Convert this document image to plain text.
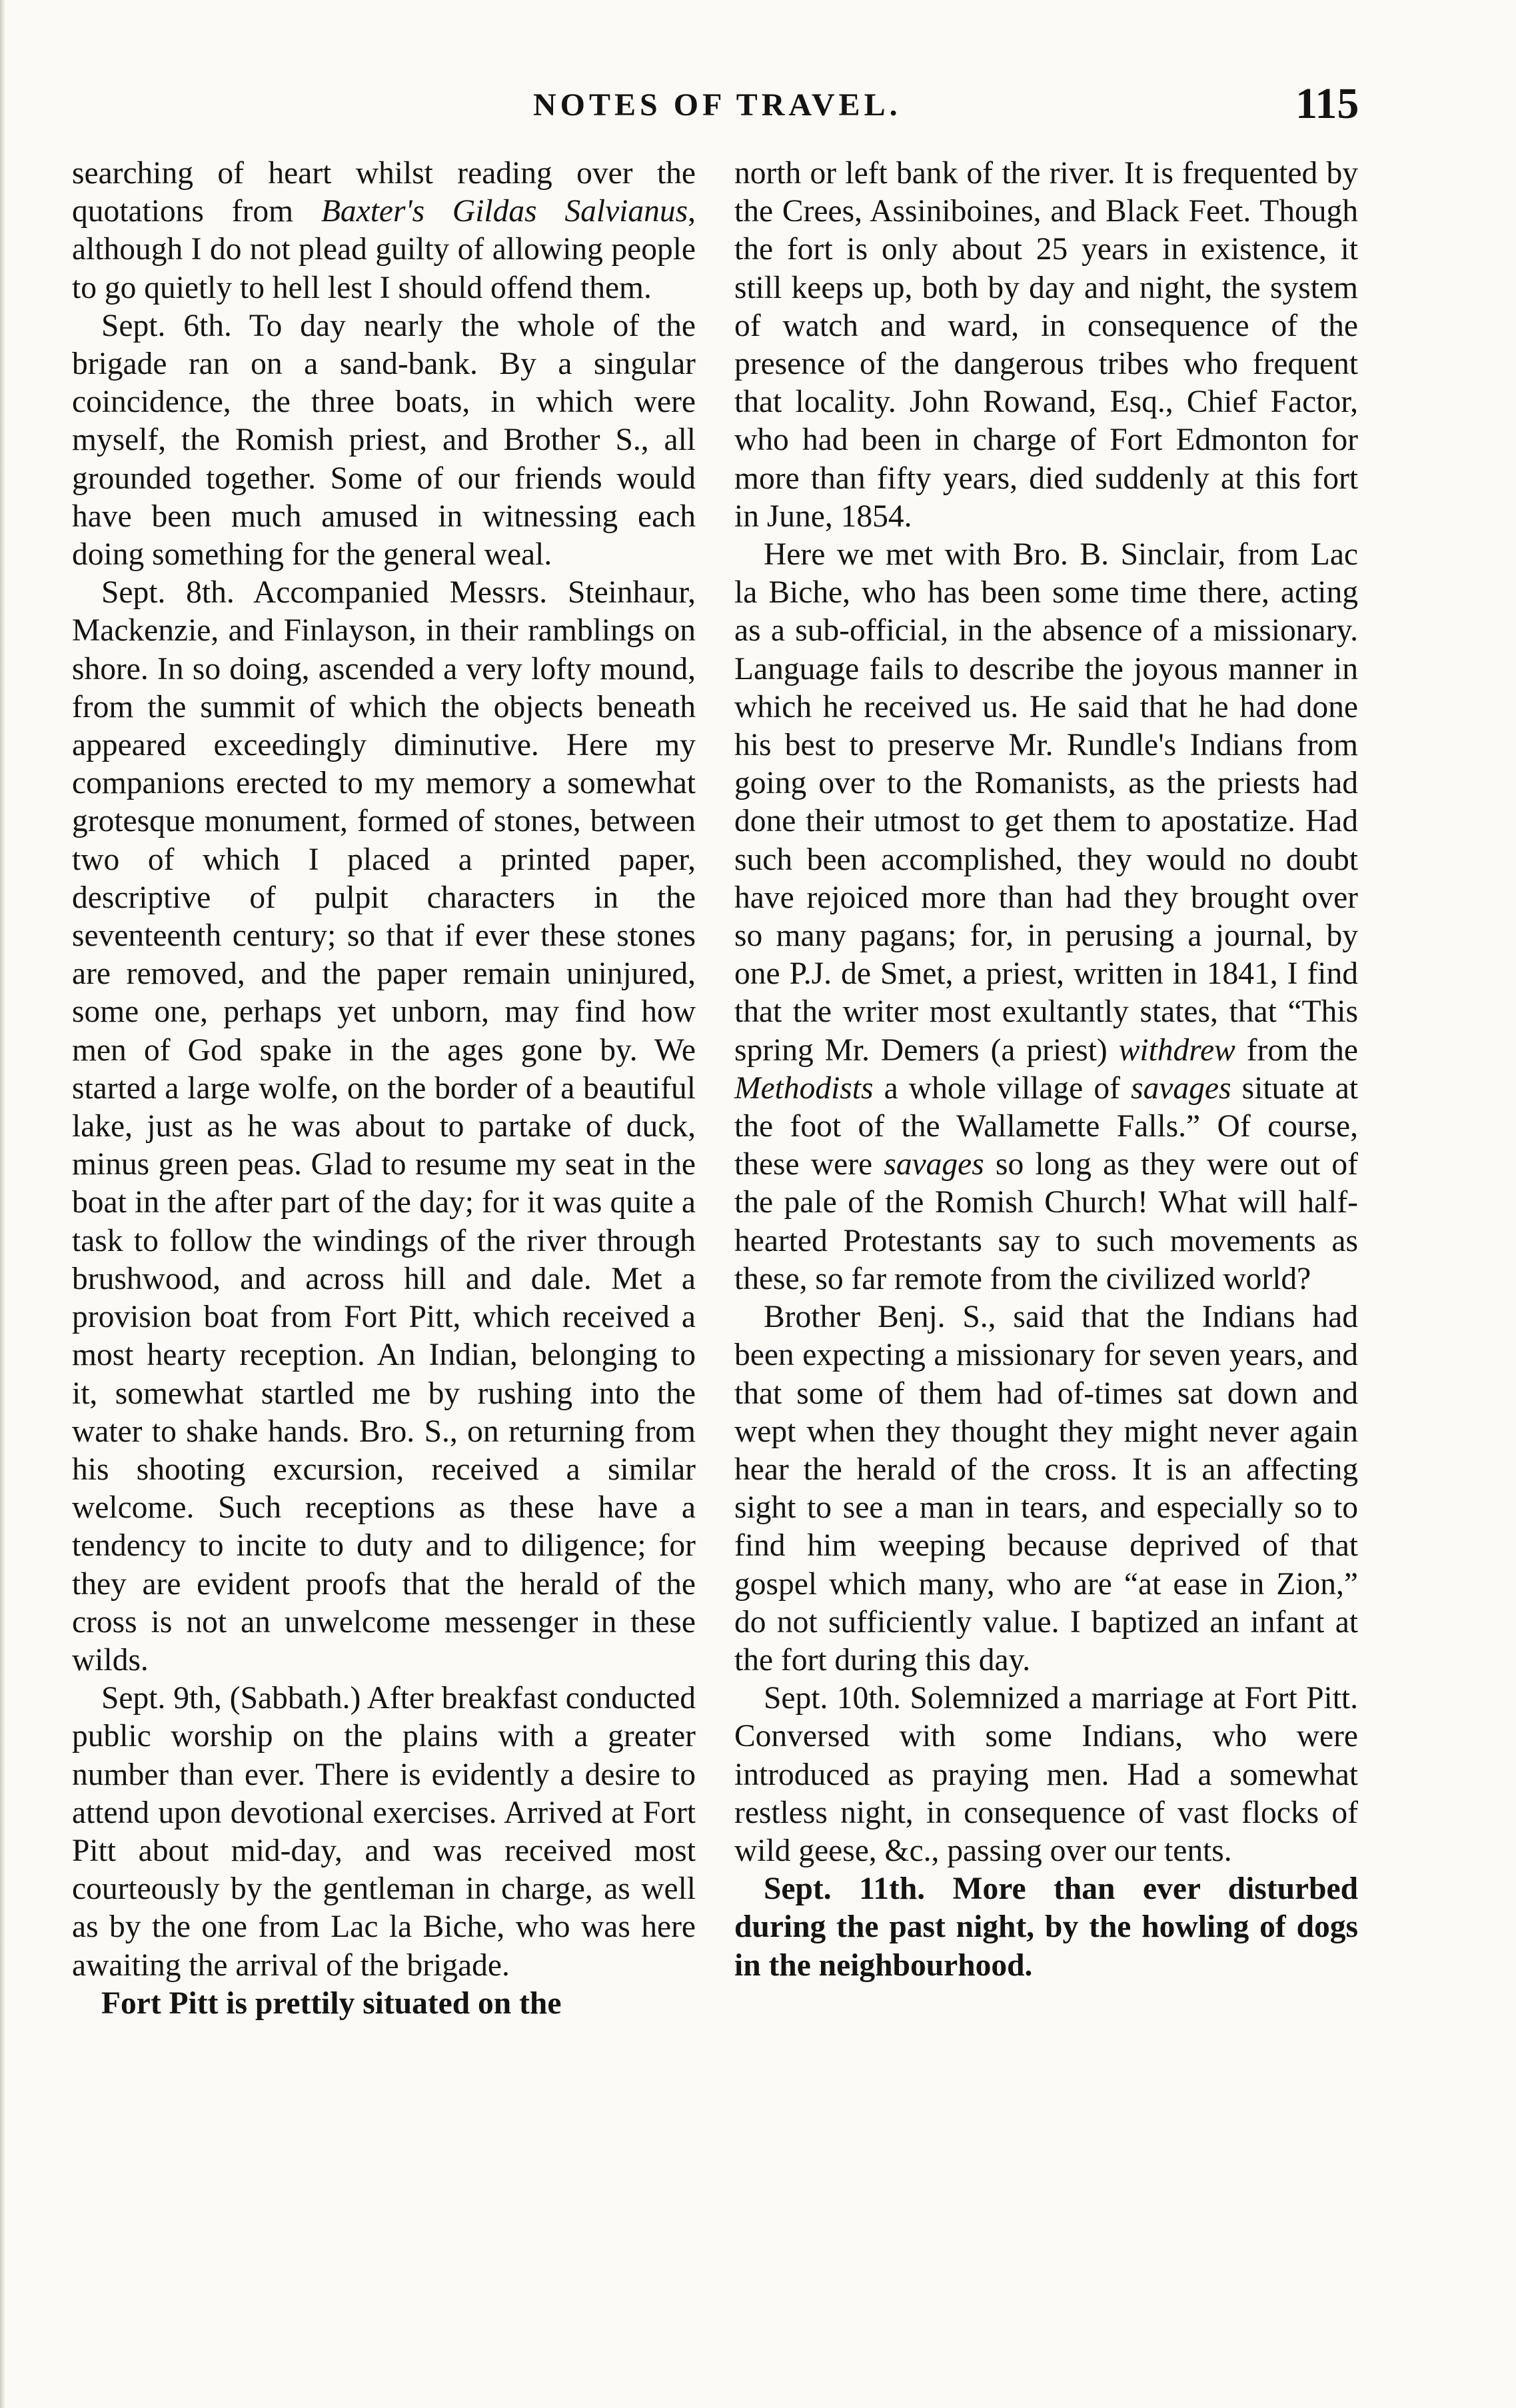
NOTES OF TRAVEL.	115

searching of heart whilst reading over the quotations from Baxter's Gildas Salvianus, although I do not plead guilty of allowing people to go quietly to hell lest I should offend them.

Sept. 6th. To day nearly the whole of the brigade ran on a sand-bank. By a singular coincidence, the three boats, in which were myself, the Romish priest, and Brother S., all grounded together. Some of our friends would have been much amused in witnessing each doing something for the general weal.

Sept. 8th. Accompanied Messrs. Steinhaur, Mackenzie, and Finlayson, in their ramblings on shore. In so doing, ascended a very lofty mound, from the summit of which the objects beneath appeared exceedingly diminutive. Here my companions erected to my memory a somewhat grotesque monument, formed of stones, between two of which I placed a printed paper, descriptive of pulpit characters in the seventeenth century; so that if ever these stones are removed, and the paper remain uninjured, some one, perhaps yet unborn, may find how men of God spake in the ages gone by. We started a large wolfe, on the border of a beautiful lake, just as he was about to partake of duck, minus green peas. Glad to resume my seat in the boat in the after part of the day; for it was quite a task to follow the windings of the river through brushwood, and across hill and dale. Met a provision boat from Fort Pitt, which received a most hearty reception. An Indian, belonging to it, somewhat startled me by rushing into the water to shake hands. Bro. S., on returning from his shooting excursion, received a similar welcome. Such receptions as these have a tendency to incite to duty and to diligence; for they are evident proofs that the herald of the cross is not an unwelcome messenger in these wilds.

Sept. 9th, (Sabbath.) After breakfast conducted public worship on the plains with a greater number than ever. There is evidently a desire to attend upon devotional exercises. Arrived at Fort Pitt about mid-day, and was received most courteously by the gentleman in charge, as well as by the one from Lac la Biche, who was here awaiting the arrival of the brigade.

Fort Pitt is prettily situated on the

north or left bank of the river. It is frequented by the Crees, Assiniboines, and Black Feet. Though the fort is only about 25 years in existence, it still keeps up, both by day and night, the system of watch and ward, in consequence of the presence of the dangerous tribes who frequent that locality. John Rowand, Esq., Chief Factor, who had been in charge of Fort Edmonton for more than fifty years, died suddenly at this fort in June, 1854.

Here we met with Bro. B. Sinclair, from Lac la Biche, who has been some time there, acting as a sub-official, in the absence of a missionary. Language fails to describe the joyous manner in which he received us. He said that he had done his best to preserve Mr. Rundle's Indians from going over to the Romanists, as the priests had done their utmost to get them to apostatize. Had such been accomplished, they would no doubt have rejoiced more than had they brought over so many pagans; for, in perusing a journal, by one P.J. de Smet, a priest, written in 1841, I find that the writer most exultantly states, that “This spring Mr. Demers (a priest) withdrew from the Methodists a whole village of savages situate at the foot of the Wallamette Falls.” Of course, these were savages so long as they were out of the pale of the Romish Church! What will half-hearted Protestants say to such movements as these, so far remote from the civilized world?

Brother Benj. S., said that the Indians had been expecting a missionary for seven years, and that some of them had of-times sat down and wept when they thought they might never again hear the herald of the cross. It is an affecting sight to see a man in tears, and especially so to find him weeping because deprived of that gospel which many, who are “at ease in Zion,” do not sufficiently value. I baptized an infant at the fort during this day.

Sept. 10th. Solemnized a marriage at Fort Pitt. Conversed with some Indians, who were introduced as praying men. Had a somewhat restless night, in consequence of vast flocks of wild geese, &c., passing over our tents.

Sept. 11th. More than ever disturbed during the past night, by the howling of dogs in the neighbourhood.
